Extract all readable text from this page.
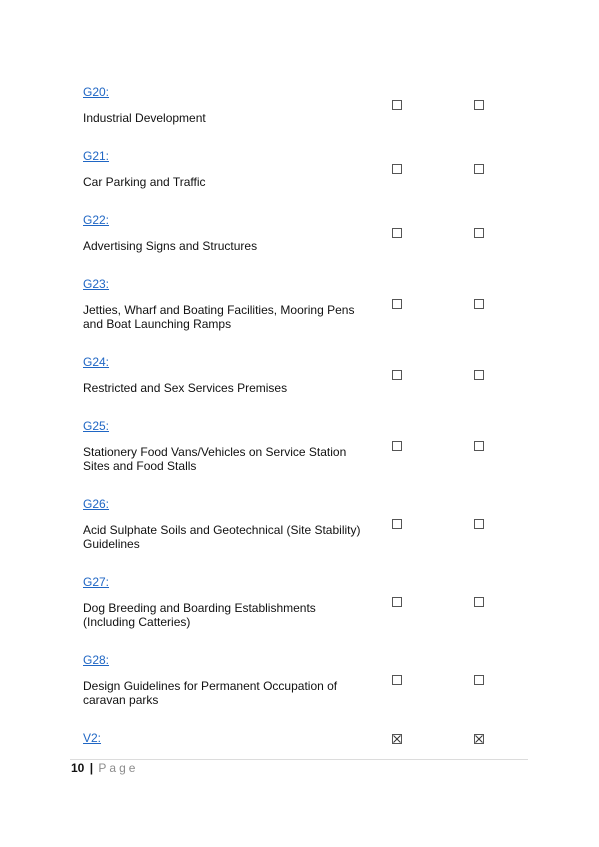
G20:
Industrial Development
G21:
Car Parking and Traffic
G22:
Advertising Signs and Structures
G23:
Jetties, Wharf and Boating Facilities, Mooring Pens and Boat Launching Ramps
G24:
Restricted and Sex Services Premises
G25:
Stationery Food Vans/Vehicles on Service Station Sites and Food Stalls
G26:
Acid Sulphate Soils and Geotechnical (Site Stability) Guidelines
G27:
Dog Breeding and Boarding Establishments (Including Catteries)
G28:
Design Guidelines for Permanent Occupation of caravan parks
V2:
10 | Page
